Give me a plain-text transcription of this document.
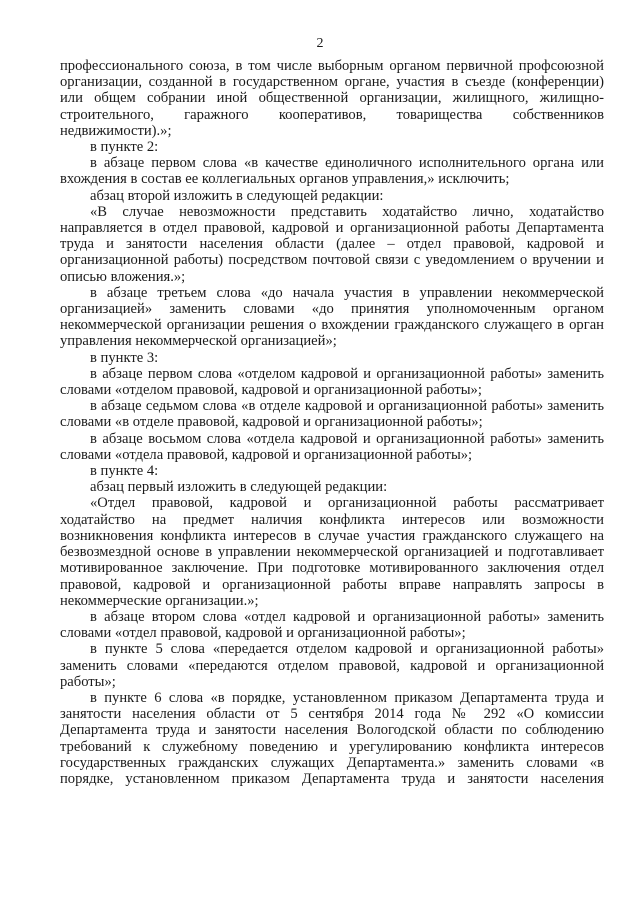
2

профессионального союза, в том числе выборным органом первичной профсоюзной организации, созданной в государственном органе, участия в съезде (конференции) или общем собрании иной общественной организации, жилищного, жилищно-строительного, гаражного кооперативов, товарищества собственников недвижимости).»;

в пункте 2:

в абзаце первом слова «в качестве единоличного исполнительного органа или вхождения в состав ее коллегиальных органов управления,» исключить;

абзац второй изложить в следующей редакции:

«В случае невозможности представить ходатайство лично, ходатайство направляется в отдел правовой, кадровой и организационной работы Департамента труда и занятости населения области (далее – отдел правовой, кадровой и организационной работы) посредством почтовой связи с уведомлением о вручении и описью вложения.»;

в абзаце третьем слова «до начала участия в управлении некоммерческой организацией» заменить словами «до принятия уполномоченным органом некоммерческой организации решения о вхождении гражданского служащего в орган управления некоммерческой организацией»;

в пункте 3:

в абзаце первом слова «отделом кадровой и организационной работы» заменить словами «отделом правовой, кадровой и организационной работы»;

в абзаце седьмом слова «в отделе кадровой и организационной работы» заменить словами «в отделе правовой, кадровой и организационной работы»;

в абзаце восьмом слова «отдела кадровой и организационной работы» заменить словами «отдела правовой, кадровой и организационной работы»;

в пункте 4:

абзац первый изложить в следующей редакции:

«Отдел правовой, кадровой и организационной работы рассматривает ходатайство на предмет наличия конфликта интересов или возможности возникновения конфликта интересов в случае участия гражданского служащего на безвозмездной основе в управлении некоммерческой организацией и подготавливает мотивированное заключение. При подготовке мотивированного заключения отдел правовой, кадровой и организационной работы вправе направлять запросы в некоммерческие организации.»;

в абзаце втором слова «отдел кадровой и организационной работы» заменить словами «отдел правовой, кадровой и организационной работы»;

в пункте 5 слова «передается отделом кадровой и организационной работы» заменить словами «передаются отделом правовой, кадровой и организационной работы»;

в пункте 6 слова «в порядке, установленном приказом Департамента труда и занятости населения области от 5 сентября 2014 года № 292 «О комиссии Департамента труда и занятости населения Вологодской области по соблюдению требований к служебному поведению и урегулированию конфликта интересов государственных гражданских служащих Департамента.» заменить словами «в порядке, установленном приказом Департамента труда и занятости населения
